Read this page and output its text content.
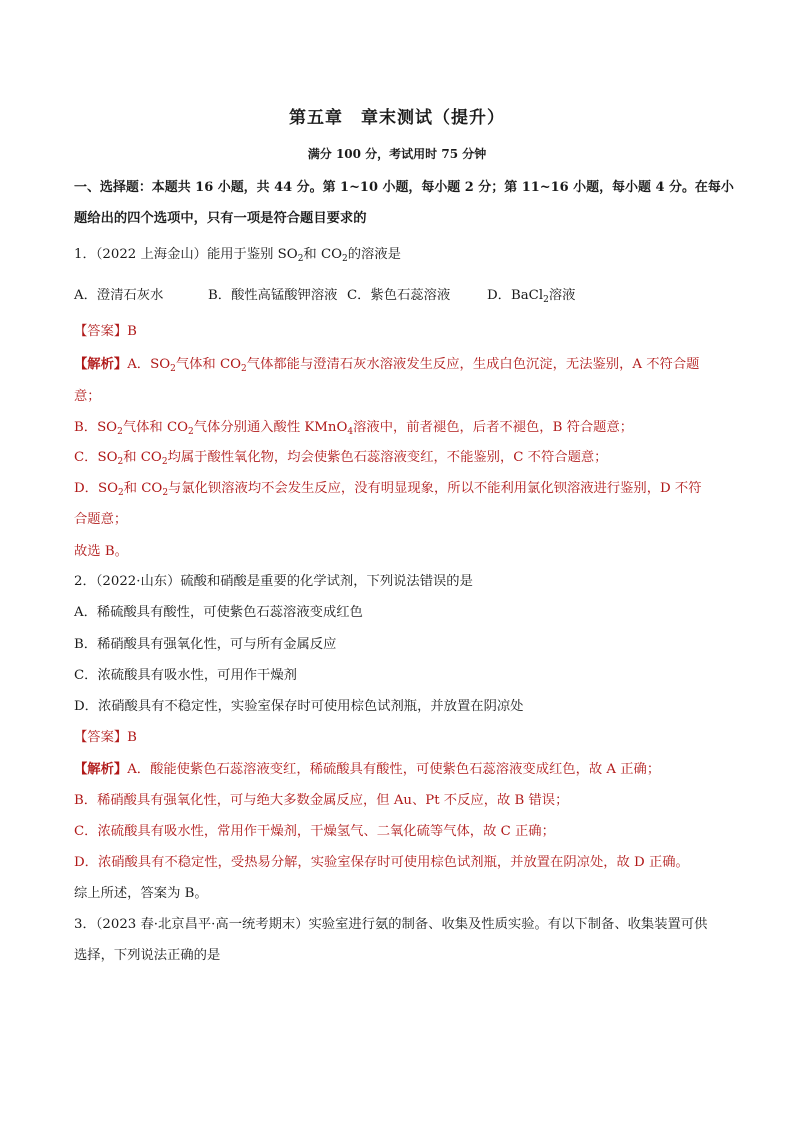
第五章　章末测试（提升）
满分 100 分，考试用时 75 分钟
一、选择题：本题共 16 小题，共 44 分。第 1~10 小题，每小题 2 分；第 11~16 小题，每小题 4 分。在每小
题给出的四个选项中，只有一项是符合题目要求的
1．（2022 上海金山）能用于鉴别 $SO_2$和 $CO_2$的溶液是
A．澄清石灰水	B．酸性高锰酸钾溶液 C．紫色石蕊溶液	D．BaCl$_2$溶液
【答案】B
【解析】A．$SO_2$气体和 $CO_2$气体都能与澄清石灰水溶液发生反应，生成白色沉淀，无法鉴别，A 不符合题
意；
B．$SO_2$气体和 $CO_2$气体分别通入酸性 KMnO$_4$溶液中，前者褪色，后者不褪色，B 符合题意；
C．$SO_2$和 $CO_2$均属于酸性氧化物，均会使紫色石蕊溶液变红，不能鉴别，C 不符合题意；
D．$SO_2$和 $CO_2$与氯化钡溶液均不会发生反应，没有明显现象，所以不能利用氯化钡溶液进行鉴别，D 不符
合题意；
故选 B。
2．（2022·山东）硫酸和硝酸是重要的化学试剂，下列说法错误的是
A．稀硫酸具有酸性，可使紫色石蕊溶液变成红色
B．稀硝酸具有强氧化性，可与所有金属反应
C．浓硫酸具有吸水性，可用作干燥剂
D．浓硝酸具有不稳定性，实验室保存时可使用棕色试剂瓶，并放置在阴凉处
【答案】B
【解析】A．酸能使紫色石蕊溶液变红，稀硫酸具有酸性，可使紫色石蕊溶液变成红色，故 A 正确；
B．稀硝酸具有强氧化性，可与绝大多数金属反应，但 Au、Pt 不反应，故 B 错误；
C．浓硫酸具有吸水性，常用作干燥剂，干燥氢气、二氧化硫等气体，故 C 正确；
D．浓硝酸具有不稳定性，受热易分解，实验室保存时可使用棕色试剂瓶，并放置在阴凉处，故 D 正确。
综上所述，答案为 B。
3．（2023 春·北京昌平·高一统考期末）实验室进行氨的制备、收集及性质实验。有以下制备、收集装置可供
选择，下列说法正确的是
